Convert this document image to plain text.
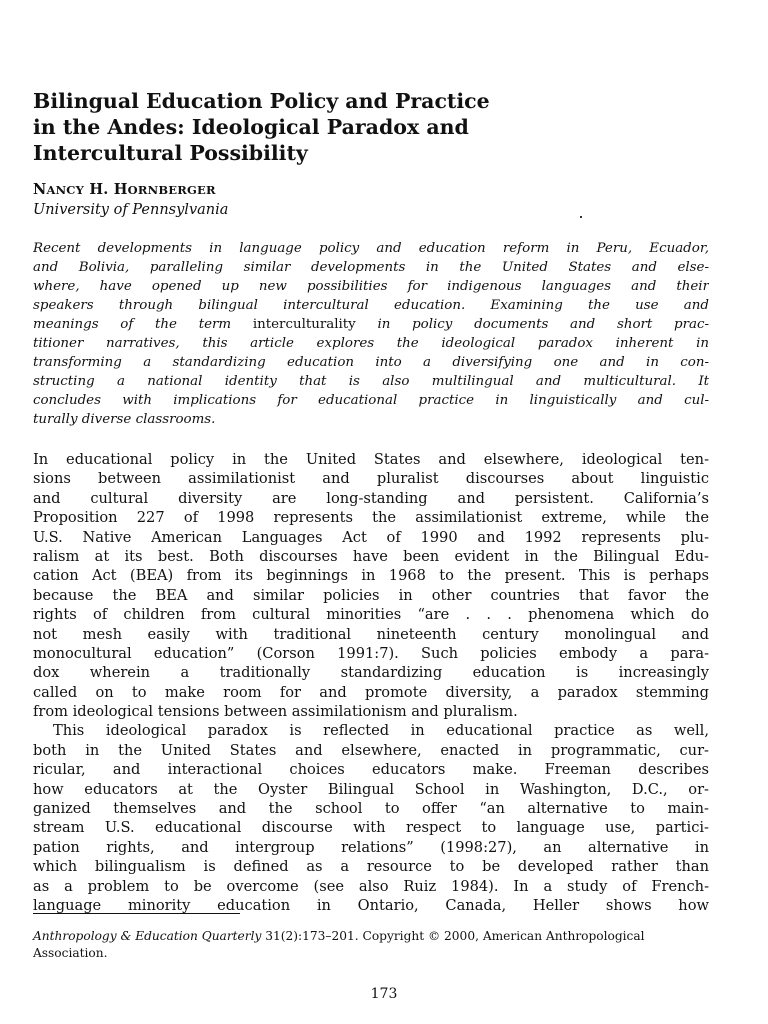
Bilingual Education Policy and Practice
in the Andes: Ideological Paradox and
Intercultural Possibility
NANCY H. HORNBERGER
University of Pennsylvania
Recent developments in language policy and education reform in Peru, Ecuador,
and Bolivia, paralleling similar developments in the United States and else-
where, have opened up new possibilities for indigenous languages and their
speakers through bilingual intercultural education. Examining the use and
meanings of the term interculturality in policy documents and short prac-
titioner narratives, this article explores the ideological paradox inherent in
transforming a standardizing education into a diversifying one and in con-
structing a national identity that is also multilingual and multicultural. It
concludes with implications for educational practice in linguistically and cul-
turally diverse classrooms.
In educational policy in the United States and elsewhere, ideological ten-
sions between assimilationist and pluralist discourses about linguistic
and cultural diversity are long-standing and persistent. California’s
Proposition 227 of 1998 represents the assimilationist extreme, while the
U.S. Native American Languages Act of 1990 and 1992 represents plu-
ralism at its best. Both discourses have been evident in the Bilingual Edu-
cation Act (BEA) from its beginnings in 1968 to the present. This is perhaps
because the BEA and similar policies in other countries that favor the
rights of children from cultural minorities “are . . . phenomena which do
not mesh easily with traditional nineteenth century monolingual and
monocultural education” (Corson 1991:7). Such policies embody a para-
dox wherein a traditionally standardizing education is increasingly
called on to make room for and promote diversity, a paradox stemming
from ideological tensions between assimilationism and pluralism.
This ideological paradox is reflected in educational practice as well,
both in the United States and elsewhere, enacted in programmatic, cur-
ricular, and interactional choices educators make. Freeman describes
how educators at the Oyster Bilingual School in Washington, D.C., or-
ganized themselves and the school to offer “an alternative to main-
stream U.S. educational discourse with respect to language use, partici-
pation rights, and intergroup relations” (1998:27), an alternative in
which bilingualism is defined as a resource to be developed rather than
as a problem to be overcome (see also Ruiz 1984). In a study of French-
language minority education in Ontario, Canada, Heller shows how
Anthropology & Education Quarterly 31(2):173–201. Copyright © 2000, American Anthropological
Association.
173
